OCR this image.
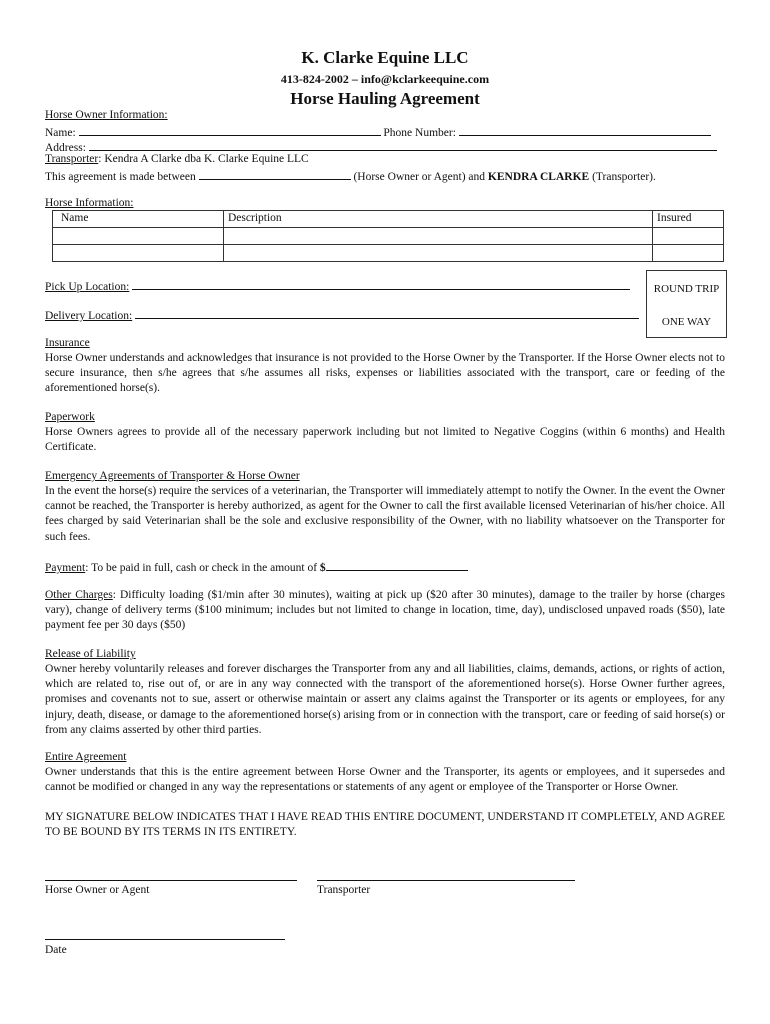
K. Clarke Equine LLC
413-824-2002 – info@kclarkeequine.com
Horse Hauling Agreement
Horse Owner Information:
Name:	Phone Number:
Address:
Transporter: Kendra A Clarke dba K. Clarke Equine LLC
This agreement is made between	(Horse Owner or Agent) and KENDRA CLARKE (Transporter).
Horse Information:
Name	Description	Insured

Pick Up Location:
Delivery Location:
ROUND TRIP
ONE WAY
Insurance
Horse Owner understands and acknowledges that insurance is not provided to the Horse Owner by the Transporter. If the Horse Owner elects not to secure insurance, then s/he agrees that s/he assumes all risks, expenses or liabilities associated with the transport, care or feeding of the aforementioned horse(s).
Paperwork
Horse Owners agrees to provide all of the necessary paperwork including but not limited to Negative Coggins (within 6 months) and Health Certificate.
Emergency Agreements of Transporter & Horse Owner
In the event the horse(s) require the services of a veterinarian, the Transporter will immediately attempt to notify the Owner. In the event the Owner cannot be reached, the Transporter is hereby authorized, as agent for the Owner to call the first available licensed Veterinarian of his/her choice. All fees charged by said Veterinarian shall be the sole and exclusive responsibility of the Owner, with no liability whatsoever on the Transporter for such fees.
Payment: To be paid in full, cash or check in the amount of $
Other Charges: Difficulty loading ($1/min after 30 minutes), waiting at pick up ($20 after 30 minutes), damage to the trailer by horse (charges vary), change of delivery terms ($100 minimum; includes but not limited to change in location, time, day), undisclosed unpaved roads ($50), late payment fee per 30 days ($50)
Release of Liability
Owner hereby voluntarily releases and forever discharges the Transporter from any and all liabilities, claims, demands, actions, or rights of action, which are related to, rise out of, or are in any way connected with the transport of the aforementioned horse(s). Horse Owner further agrees, promises and covenants not to sue, assert or otherwise maintain or assert any claims against the Transporter or its agents or employees, for any injury, death, disease, or damage to the aforementioned horse(s) arising from or in connection with the transport, care or feeding of said horse(s) or from any claims asserted by other third parties.
Entire Agreement
Owner understands that this is the entire agreement between Horse Owner and the Transporter, its agents or employees, and it supersedes and cannot be modified or changed in any way the representations or statements of any agent or employee of the Transporter or Horse Owner.
MY SIGNATURE BELOW INDICATES THAT I HAVE READ THIS ENTIRE DOCUMENT, UNDERSTAND IT COMPLETELY, AND AGREE TO BE BOUND BY ITS TERMS IN ITS ENTIRETY.
Horse Owner or Agent	Transporter
Date
